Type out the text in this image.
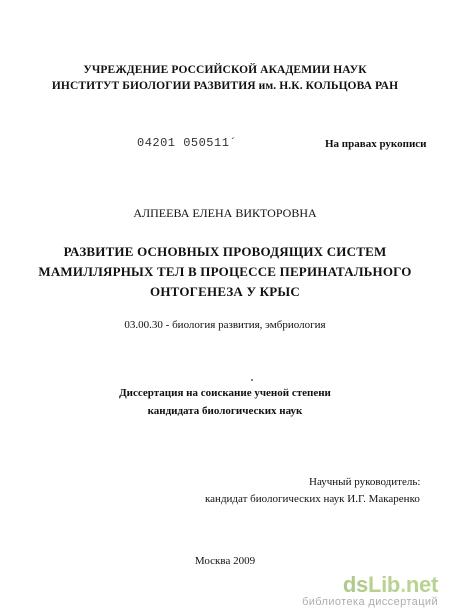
УЧРЕЖДЕНИЕ РОССИЙСКОЙ АКАДЕМИИ НАУК
ИНСТИТУТ БИОЛОГИИ РАЗВИТИЯ им. Н.К. КОЛЬЦОВА РАН
04201 050511´	На правах рукописи
АЛПЕЕВА ЕЛЕНА ВИКТОРОВНА
РАЗВИТИЕ ОСНОВНЫХ ПРОВОДЯЩИХ СИСТЕМ
МАМИЛЛЯРНЫХ ТЕЛ В ПРОЦЕССЕ ПЕРИНАТАЛЬНОГО
ОНТОГЕНЕЗА У КРЫС
03.00.30 - биология развития, эмбриология
Диссертация на соискание ученой степени
кандидата биологических наук
Научный руководитель:
кандидат биологических наук И.Г. Макаренко
Москва 2009
dsLib.net
библиотека диссертаций
